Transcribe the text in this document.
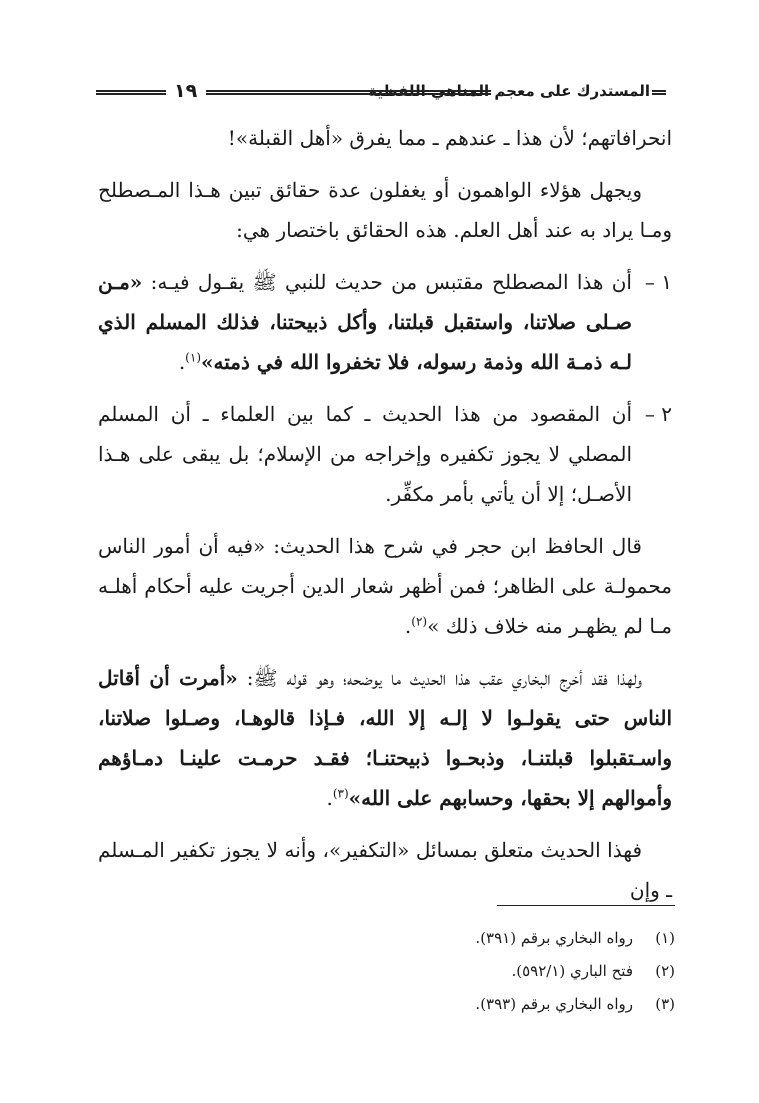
المستدرك على معجم المناهي اللفظية
١٩

انحرافاتهم؛ لأن هذا ـ عندهم ـ مما يفرق «أهل القبلة»!

ويجهل هؤلاء الواهمون أو يغفلون عدة حقائق تبين هـذا المـصطلح ومـا يراد به عند أهل العلم. هذه الحقائق باختصار هي:

١ –
أن هذا المصطلح مقتبس من حديث للنبي ﷺ يقـول فيـه: «مـن صـلى صلاتنا، واستقبل قبلتنا، وأكل ذبيحتنا، فذلك المسلم الذي لـه ذمـة الله وذمة رسوله، فلا تخفروا الله في ذمته»$^{(١)}$.
٢ –
أن المقصود من هذا الحديث ـ كما بين العلماء ـ أن المسلم المصلي لا يجوز تكفيره وإخراجه من الإسلام؛ بل يبقى على هـذا الأصـل؛ إلا أن يأتي بأمر مكفِّر.

قال الحافظ ابن حجر في شرح هذا الحديث: «فيه أن أمور الناس محمولـة على الظاهر؛ فمن أظهر شعار الدين أجريت عليه أحكام أهلـه مـا لم يظهـر منه خلاف ذلك »$^{(٢)}$.

ولهذا فقد أخرج البخاري عقب هذا الحديث ما يوضحه؛ وهو قوله ﷺ: «أمرت أن أقاتل الناس حتى يقولـوا لا إلـه إلا الله، فـإذا قالوهـا، وصـلوا صلاتنا، واسـتقبلوا قبلتنـا، وذبحـوا ذبيحتنـا؛ فقـد حرمـت علينـا دمـاؤهم وأموالهم إلا بحقها، وحسابهم على الله»$^{(٣)}$.

فهذا الحديث متعلق بمسائل «التكفير»، وأنه لا يجوز تكفير المـسلم ـ وإن

(١)رواه البخاري برقم (٣٩١).
(٢)فتح الباري (٥٩٢/١).
(٣)رواه البخاري برقم (٣٩٣).
